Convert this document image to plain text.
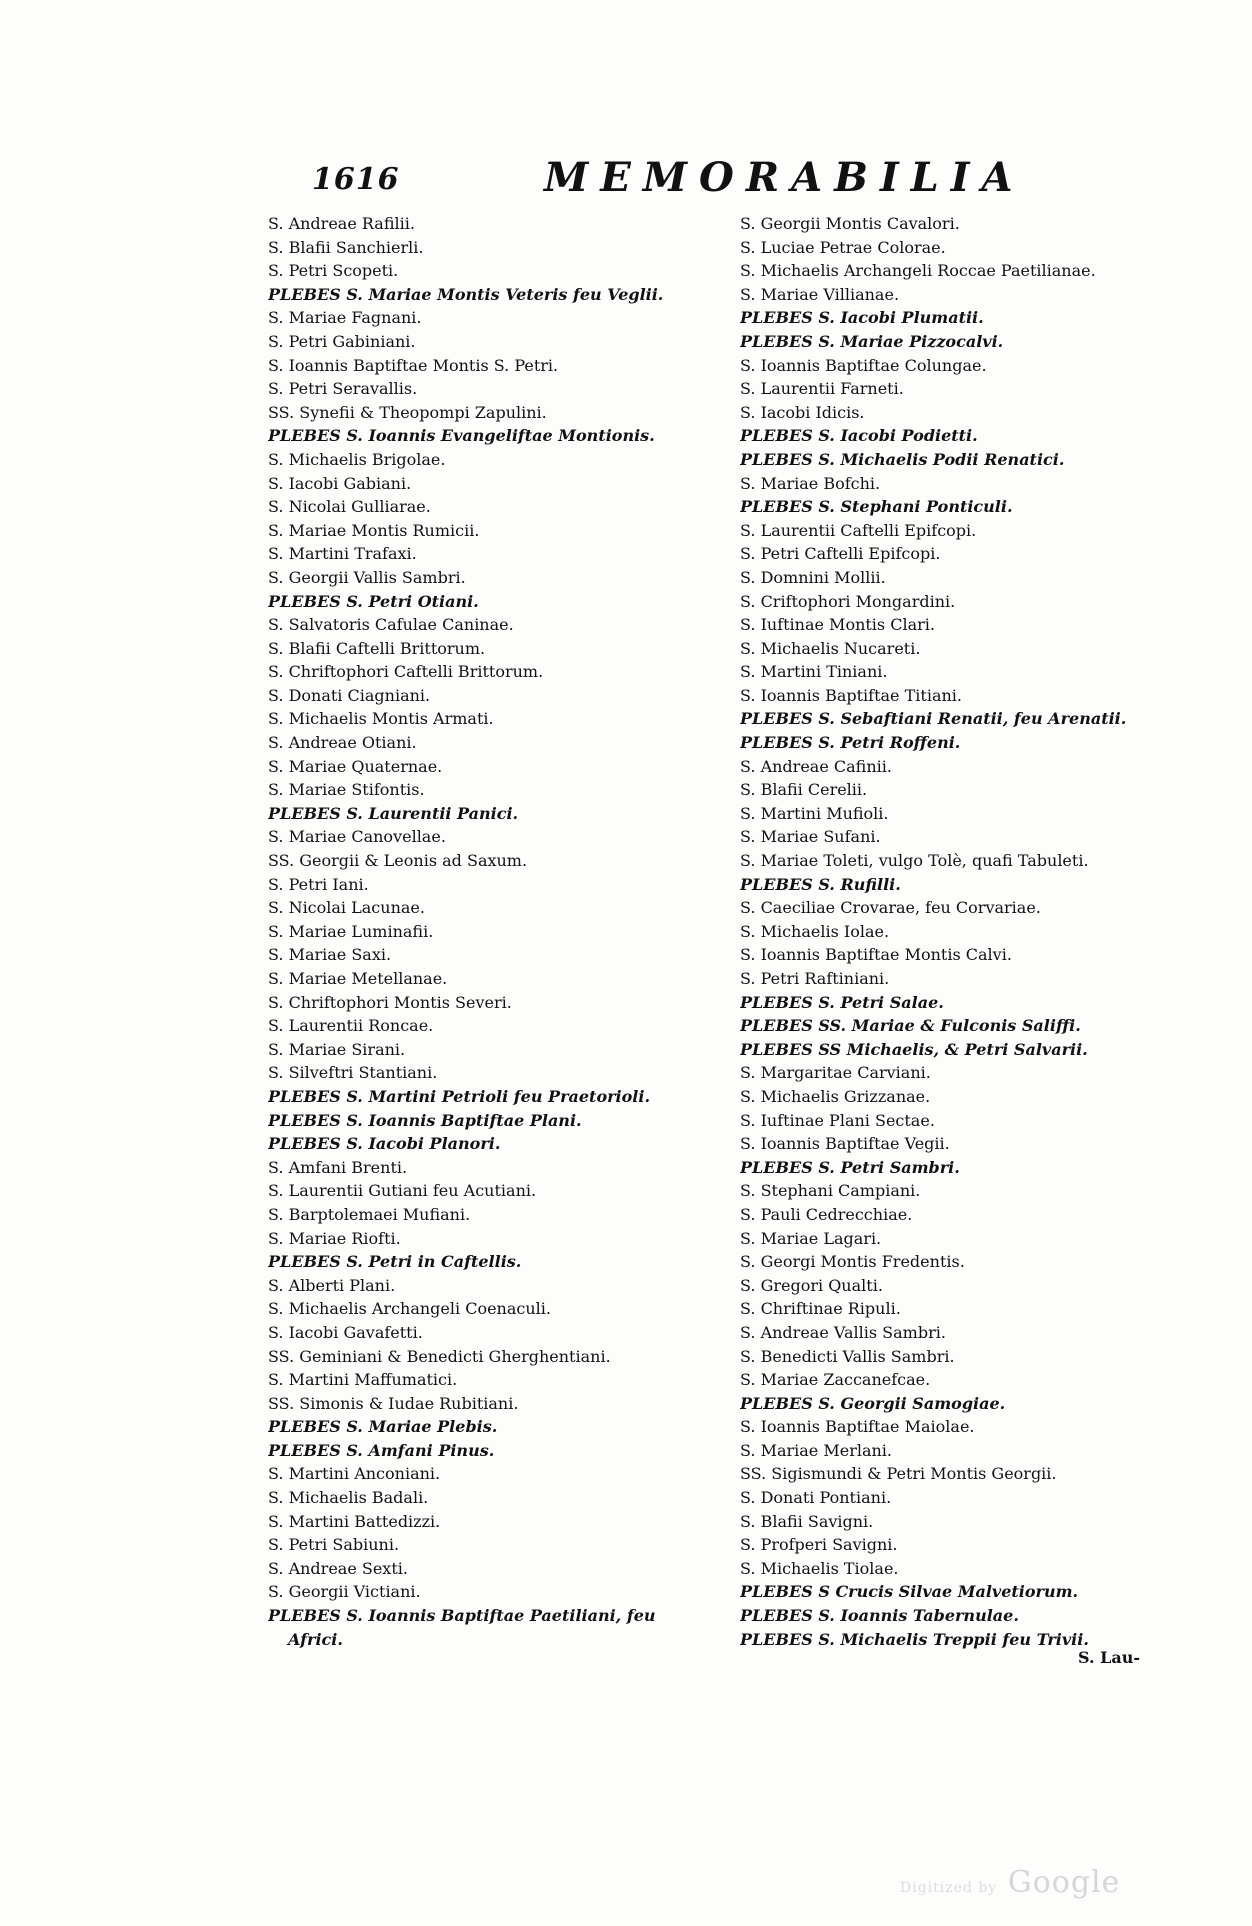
1616	MEMORABILIA
S. Andreae Rafilii.
S. Blafii Sanchierli.
S. Petri Scopeti.
PLEBES S. Mariae Montis Veteris feu Veglii.
S. Mariae Fagnani.
S. Petri Gabiniani.
S. Ioannis Baptiftae Montis S. Petri.
S. Petri Seravallis.
SS. Synefii & Theopompi Zapulini.
PLEBES S. Ioannis Evangeliftae Montionis.
S. Michaelis Brigolae.
S. Iacobi Gabiani.
S. Nicolai Gulliarae.
S. Mariae Montis Rumicii.
S. Martini Trafaxi.
S. Georgii Vallis Sambri.
PLEBES S. Petri Otiani.
S. Salvatoris Cafulae Caninae.
S. Blafii Caftelli Brittorum.
S. Chriftophori Caftelli Brittorum.
S. Donati Ciagniani.
S. Michaelis Montis Armati.
S. Andreae Otiani.
S. Mariae Quaternae.
S. Mariae Stifontis.
PLEBES S. Laurentii Panici.
S. Mariae Canovellae.
SS. Georgii & Leonis ad Saxum.
S. Petri Iani.
S. Nicolai Lacunae.
S. Mariae Luminafii.
S. Mariae Saxi.
S. Mariae Metellanae.
S. Chriftophori Montis Severi.
S. Laurentii Roncae.
S. Mariae Sirani.
S. Silveftri Stantiani.
PLEBES S. Martini Petrioli feu Praetorioli.
PLEBES S. Ioannis Baptiftae Plani.
PLEBES S. Iacobi Planori.
S. Amfani Brenti.
S. Laurentii Gutiani feu Acutiani.
S. Barptolemaei Mufiani.
S. Mariae Riofti.
PLEBES S. Petri in Caftellis.
S. Alberti Plani.
S. Michaelis Archangeli Coenaculi.
S. Iacobi Gavafetti.
SS. Geminiani & Benedicti Gherghentiani.
S. Martini Maffumatici.
SS. Simonis & Iudae Rubitiani.
PLEBES S. Mariae Plebis.
PLEBES S. Amfani Pinus.
S. Martini Anconiani.
S. Michaelis Badali.
S. Martini Battedizzi.
S. Petri Sabiuni.
S. Andreae Sexti.
S. Georgii Victiani.
PLEBES S. Ioannis Baptiftae Paetiliani, feu
Africi.
S. Georgii Montis Cavalori.
S. Luciae Petrae Colorae.
S. Michaelis Archangeli Roccae Paetilianae.
S. Mariae Villianae.
PLEBES S. Iacobi Plumatii.
PLEBES S. Mariae Pizzocalvi.
S. Ioannis Baptiftae Colungae.
S. Laurentii Farneti.
S. Iacobi Idicis.
PLEBES S. Iacobi Podietti.
PLEBES S. Michaelis Podii Renatici.
S. Mariae Bofchi.
PLEBES S. Stephani Ponticuli.
S. Laurentii Caftelli Epifcopi.
S. Petri Caftelli Epifcopi.
S. Domnini Mollii.
S. Criftophori Mongardini.
S. Iuftinae Montis Clari.
S. Michaelis Nucareti.
S. Martini Tiniani.
S. Ioannis Baptiftae Titiani.
PLEBES S. Sebaftiani Renatii, feu Arenatii.
PLEBES S. Petri Roffeni.
S. Andreae Cafinii.
S. Blafii Cerelii.
S. Martini Mufioli.
S. Mariae Sufani.
S. Mariae Toleti, vulgo Tolè, quafi Tabuleti.
PLEBES S. Rufilli.
S. Caeciliae Crovarae, feu Corvariae.
S. Michaelis Iolae.
S. Ioannis Baptiftae Montis Calvi.
S. Petri Raftiniani.
PLEBES S. Petri Salae.
PLEBES SS. Mariae & Fulconis Saliffi.
PLEBES SS Michaelis, & Petri Salvarii.
S. Margaritae Carviani.
S. Michaelis Grizzanae.
S. Iuftinae Plani Sectae.
S. Ioannis Baptiftae Vegii.
PLEBES S. Petri Sambri.
S. Stephani Campiani.
S. Pauli Cedrecchiae.
S. Mariae Lagari.
S. Georgi Montis Fredentis.
S. Gregori Qualti.
S. Chriftinae Ripuli.
S. Andreae Vallis Sambri.
S. Benedicti Vallis Sambri.
S. Mariae Zaccanefcae.
PLEBES S. Georgii Samogiae.
S. Ioannis Baptiftae Maiolae.
S. Mariae Merlani.
SS. Sigismundi & Petri Montis Georgii.
S. Donati Pontiani.
S. Blafii Savigni.
S. Profperi Savigni.
S. Michaelis Tiolae.
PLEBES S Crucis Silvae Malvetiorum.
PLEBES S. Ioannis Tabernulae.
PLEBES S. Michaelis Treppii feu Trivii.
S. Lau-
Digitized by Google
